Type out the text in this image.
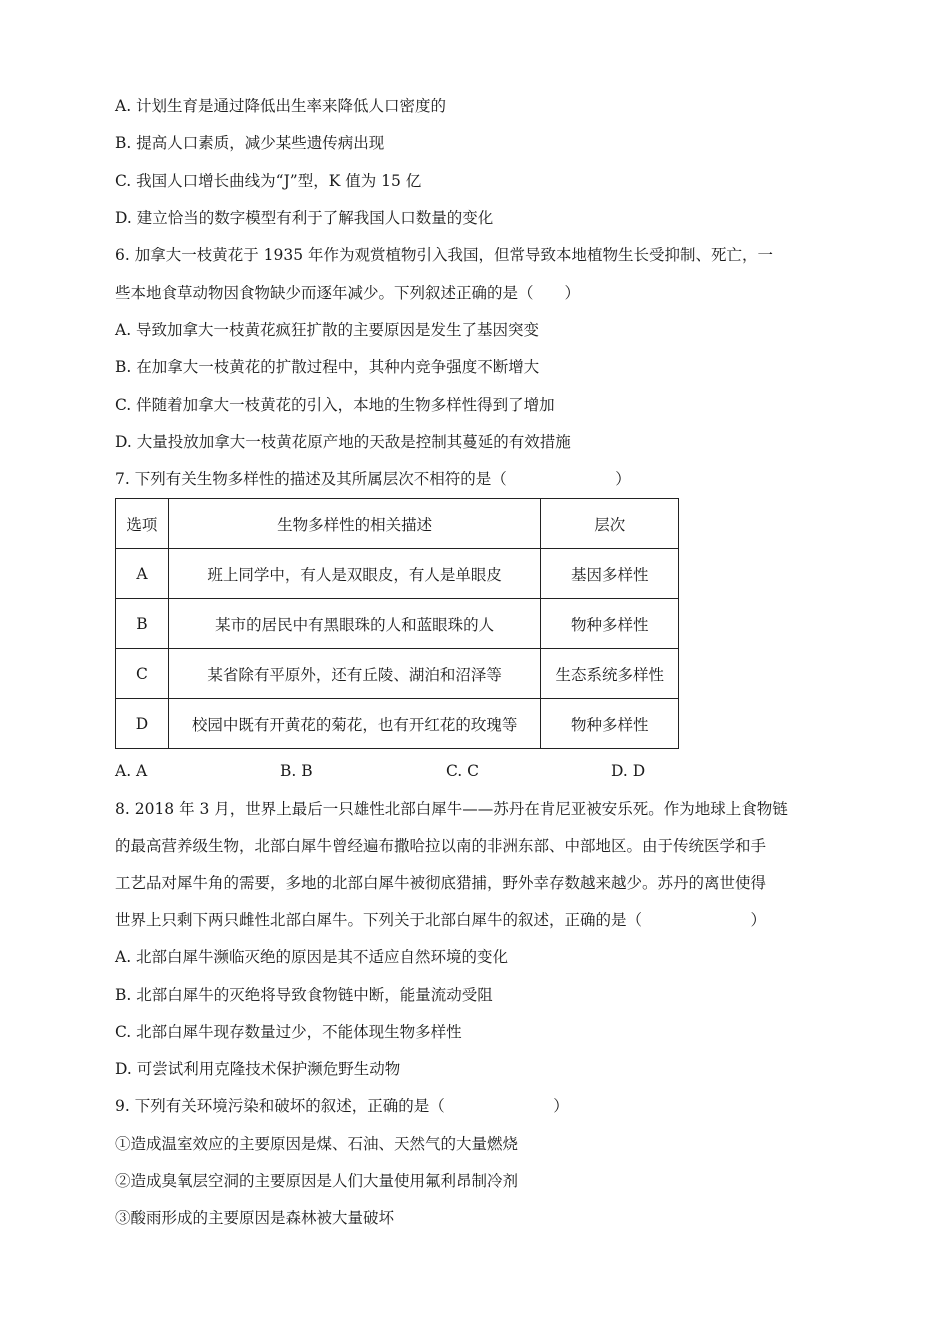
A. 计划生育是通过降低出生率来降低人口密度的
B. 提高人口素质，减少某些遗传病出现
C. 我国人口增长曲线为“J”型，K 值为 15 亿
D. 建立恰当的数字模型有利于了解我国人口数量的变化
6. 加拿大一枝黄花于 1935 年作为观赏植物引入我国，但常导致本地植物生长受抑制、死亡，一
些本地食草动物因食物缺少而逐年减少。下列叙述正确的是（　　）
A. 导致加拿大一枝黄花疯狂扩散的主要原因是发生了基因突变
B. 在加拿大一枝黄花的扩散过程中，其种内竞争强度不断增大
C. 伴随着加拿大一枝黄花的引入，本地的生物多样性得到了增加
D. 大量投放加拿大一枝黄花原产地的天敌是控制其蔓延的有效措施
7. 下列有关生物多样性的描述及其所属层次不相符的是（　　　　　　　）
选项	生物多样性的相关描述	层次
A	班上同学中，有人是双眼皮，有人是单眼皮	基因多样性
B	某市的居民中有黑眼珠的人和蓝眼珠的人	物种多样性
C	某省除有平原外，还有丘陵、湖泊和沼泽等	生态系统多样性
D	校园中既有开黄花的菊花，也有开红花的玫瑰等	物种多样性
A. A	B. B	C. C	D. D
8. 2018 年 3 月，世界上最后一只雄性北部白犀牛——苏丹在肯尼亚被安乐死。作为地球上食物链
的最高营养级生物，北部白犀牛曾经遍布撒哈拉以南的非洲东部、中部地区。由于传统医学和手
工艺品对犀牛角的需要，多地的北部白犀牛被彻底猎捕，野外幸存数越来越少。苏丹的离世使得
世界上只剩下两只雌性北部白犀牛。下列关于北部白犀牛的叙述，正确的是（　　　　　　　）
A. 北部白犀牛濒临灭绝的原因是其不适应自然环境的变化
B. 北部白犀牛的灭绝将导致食物链中断，能量流动受阻
C. 北部白犀牛现存数量过少，不能体现生物多样性
D. 可尝试利用克隆技术保护濒危野生动物
9. 下列有关环境污染和破坏的叙述，正确的是（　　　　　　　）
①造成温室效应的主要原因是煤、石油、天然气的大量燃烧
②造成臭氧层空洞的主要原因是人们大量使用氟利昂制冷剂
③酸雨形成的主要原因是森林被大量破坏
